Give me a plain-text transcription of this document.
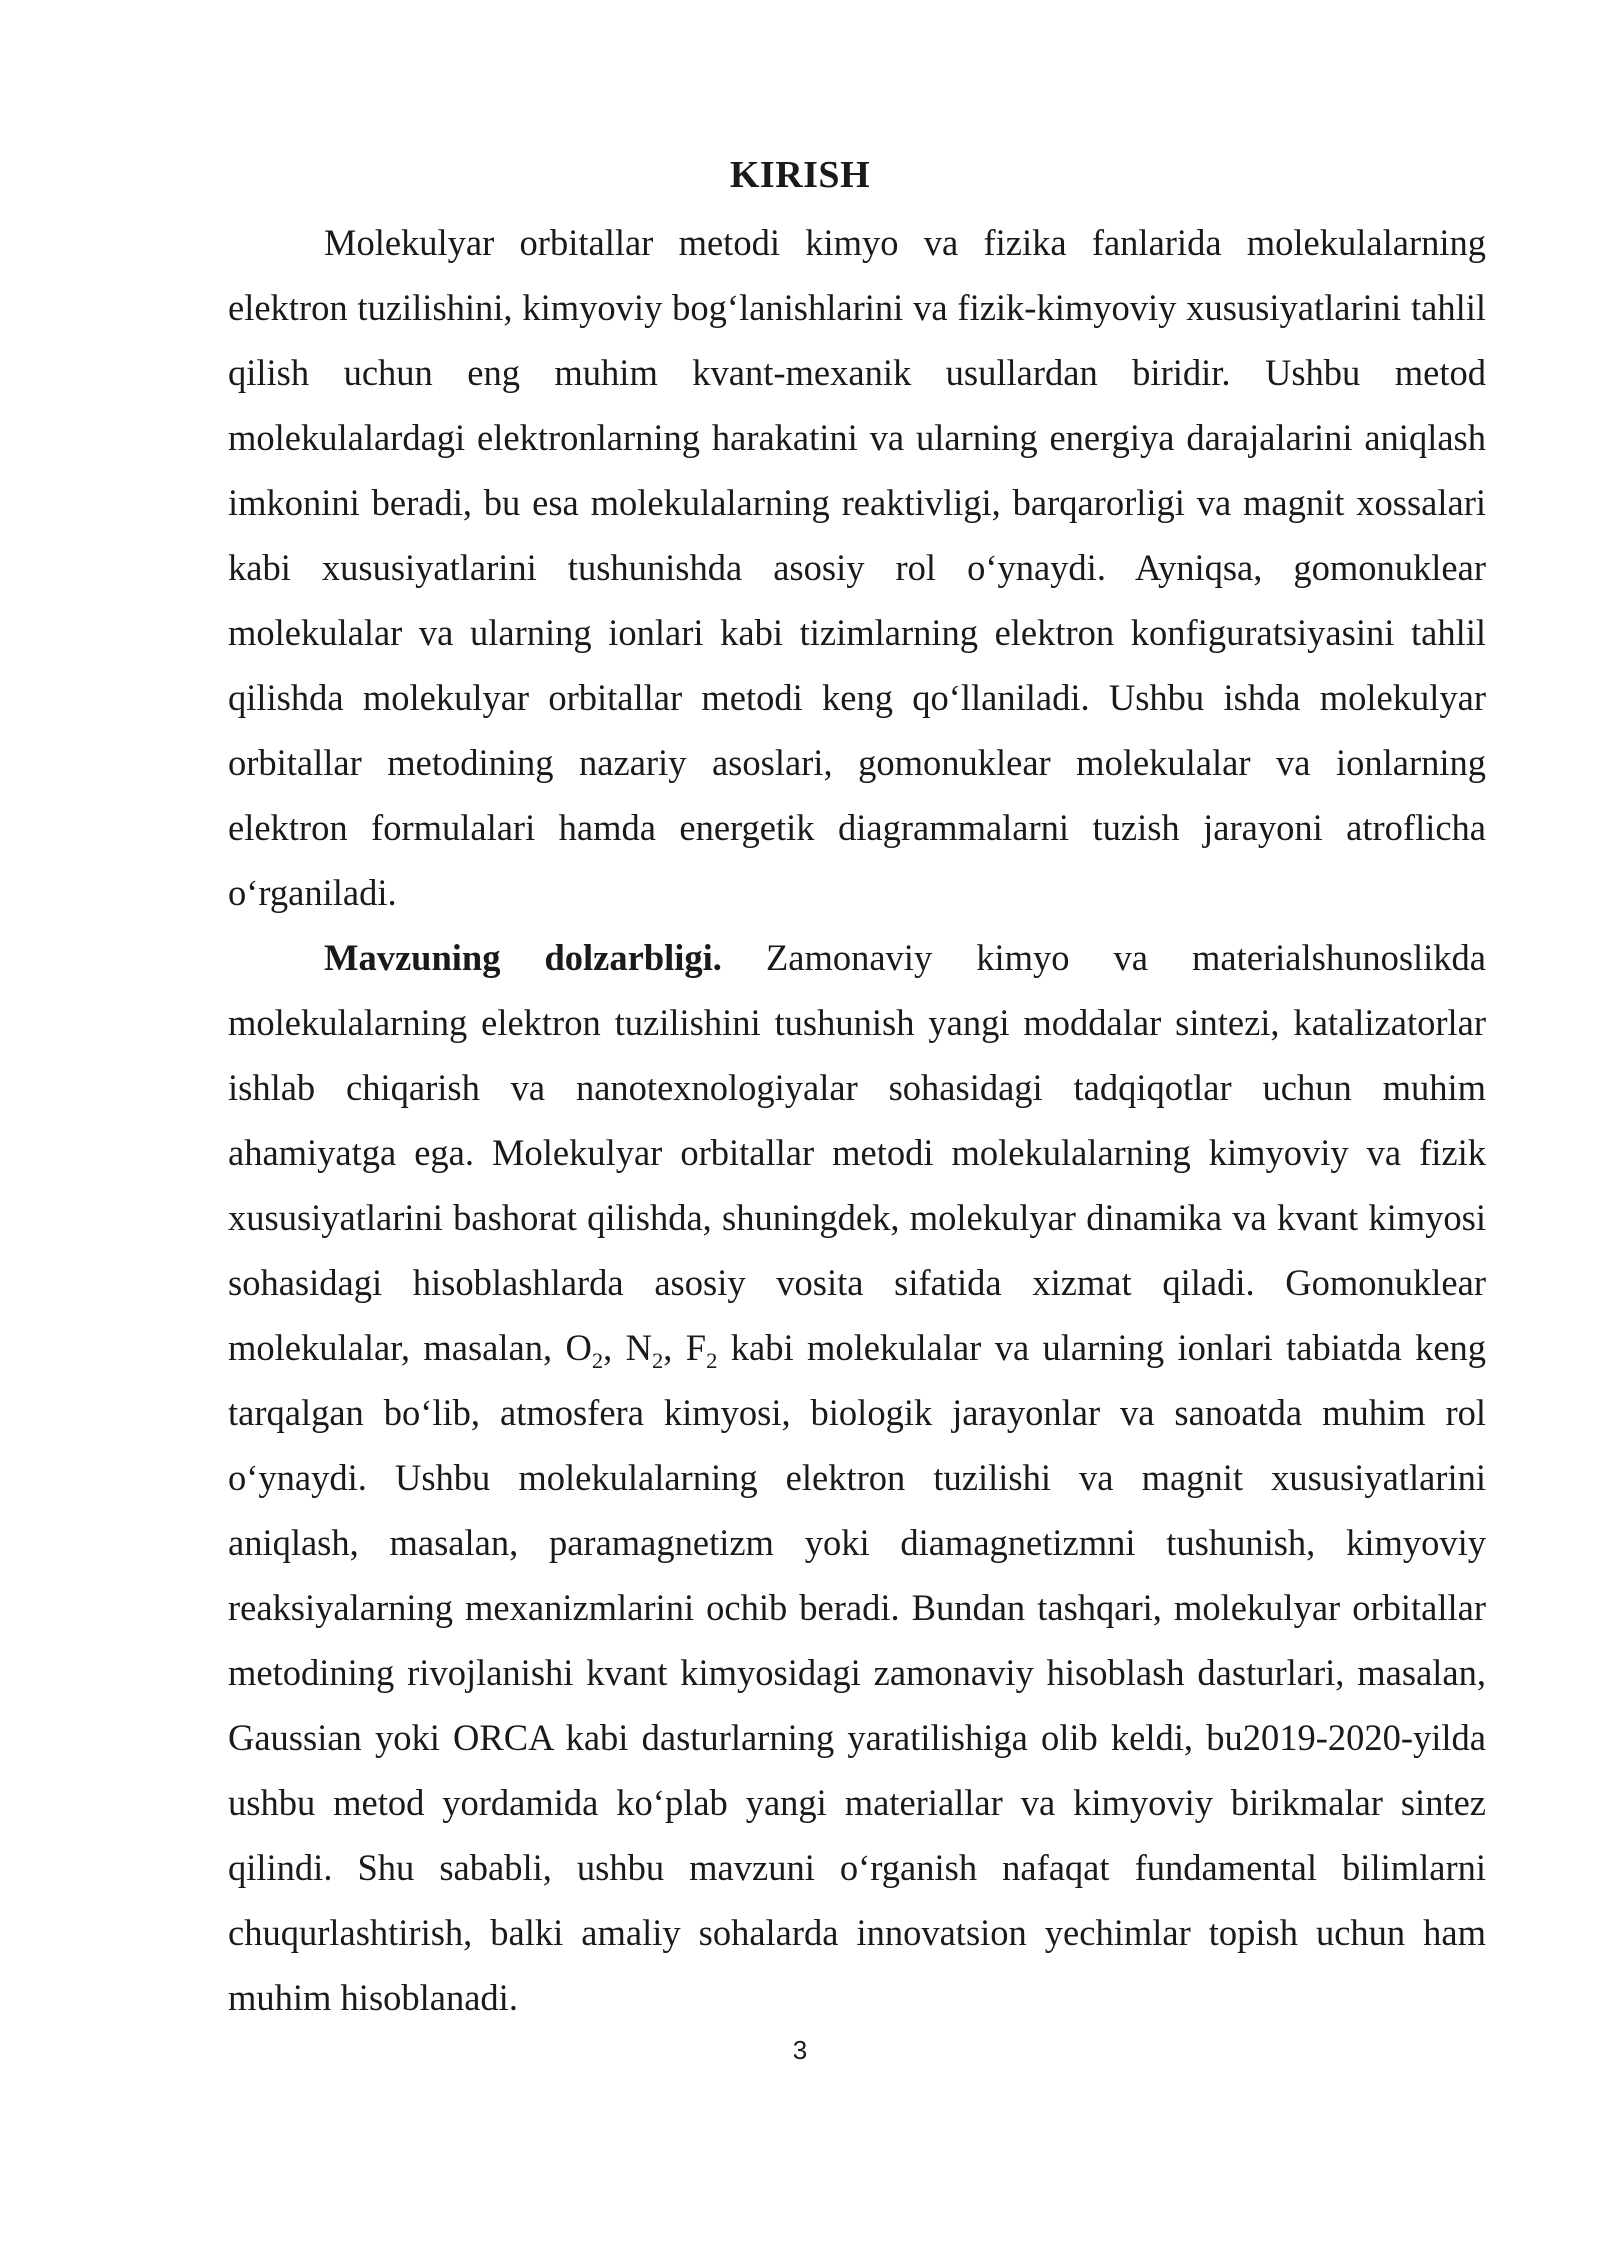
KIRISH

Molekulyar orbitallar metodi kimyo va fizika fanlarida molekulalarning elektron tuzilishini, kimyoviy bog‘lanishlarini va fizik-kimyoviy xususiyatlarini tahlil qilish uchun eng muhim kvant-mexanik usullardan biridir. Ushbu metod molekulalardagi elektronlarning harakatini va ularning energiya darajalarini aniqlash imkonini beradi, bu esa molekulalarning reaktivligi, barqarorligi va magnit xossalari kabi xususiyatlarini tushunishda asosiy rol o‘ynaydi. Ayniqsa, gomonuklear molekulalar va ularning ionlari kabi tizimlarning elektron konfiguratsiyasini tahlil qilishda molekulyar orbitallar metodi keng qo‘llaniladi. Ushbu ishda molekulyar orbitallar metodining nazariy asoslari, gomonuklear molekulalar va ionlarning elektron formulalari hamda energetik diagrammalarni tuzish jarayoni atroflicha o‘rganiladi.

Mavzuning dolzarbligi. Zamonaviy kimyo va materialshunoslikda molekulalarning elektron tuzilishini tushunish yangi moddalar sintezi, katalizatorlar ishlab chiqarish va nanotexnologiyalar sohasidagi tadqiqotlar uchun muhim ahamiyatga ega. Molekulyar orbitallar metodi molekulalarning kimyoviy va fizik xususiyatlarini bashorat qilishda, shuningdek, molekulyar dinamika va kvant kimyosi sohasidagi hisoblashlarda asosiy vosita sifatida xizmat qiladi. Gomonuklear molekulalar, masalan, $O_2$, $N_2$, $F_2$ kabi molekulalar va ularning ionlari tabiatda keng tarqalgan bo‘lib, atmosfera kimyosi, biologik jarayonlar va sanoatda muhim rol o‘ynaydi. Ushbu molekulalarning elektron tuzilishi va magnit xususiyatlarini aniqlash, masalan, paramagnetizm yoki diamagnetizmni tushunish, kimyoviy reaksiyalarning mexanizmlarini ochib beradi. Bundan tashqari, molekulyar orbitallar metodining rivojlanishi kvant kimyosidagi zamonaviy hisoblash dasturlari, masalan, Gaussian yoki ORCA kabi dasturlarning yaratilishiga olib keldi, bu2019-2020-yilda ushbu metod yordamida ko‘plab yangi materiallar va kimyoviy birikmalar sintez qilindi. Shu sababli, ushbu mavzuni o‘rganish nafaqat fundamental bilimlarni chuqurlashtirish, balki amaliy sohalarda innovatsion yechimlar topish uchun ham muhim hisoblanadi.

3
